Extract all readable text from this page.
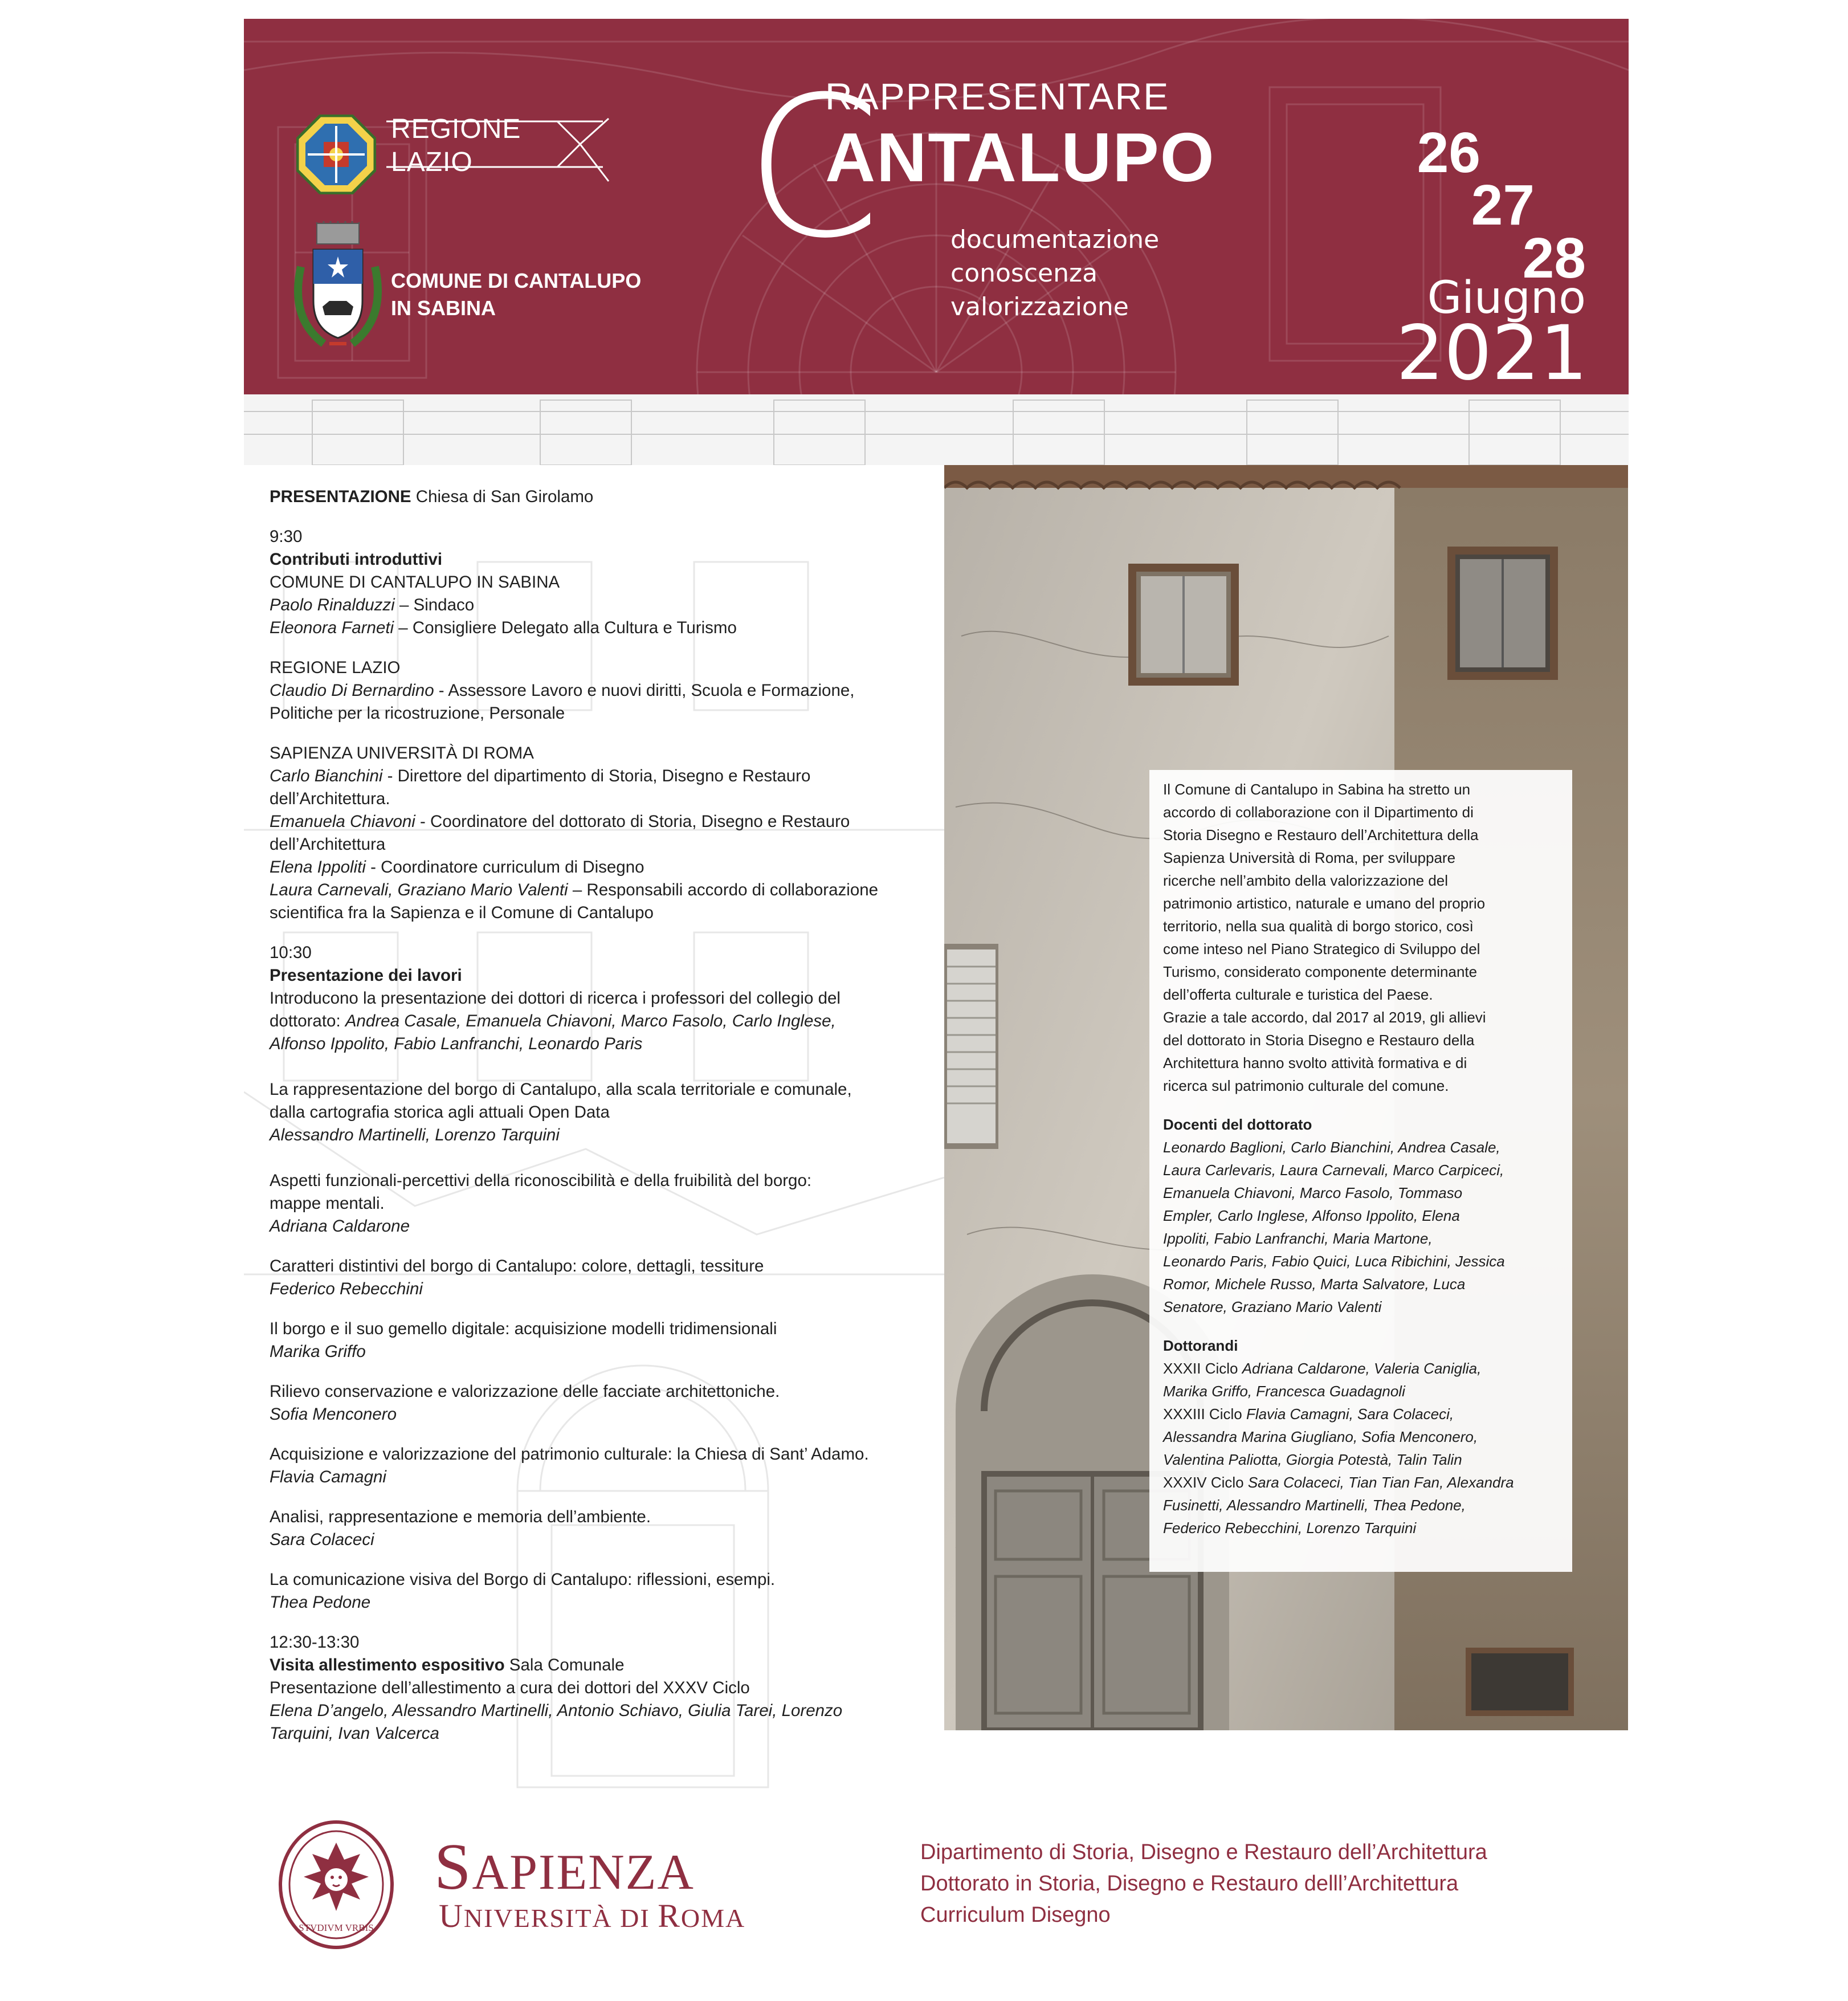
REGIONE
LAZIO
COMUNE DI CANTALUPO
IN SABINA
C
RAPPRESENTARE
ANTALUPO
documentazione
conoscenza
valorizzazione
26
27
28
Giugno
2021

PRESENTAZIONE Chiesa di San Girolamo

9:30
Contributi introduttivi
COMUNE DI CANTALUPO IN SABINA
Paolo Rinalduzzi – Sindaco
Eleonora Farneti – Consigliere Delegato alla Cultura e Turismo

REGIONE LAZIO
Claudio Di Bernardino - Assessore Lavoro e nuovi diritti, Scuola e Formazione,
Politiche per la ricostruzione, Personale

SAPIENZA UNIVERSITÀ DI ROMA
Carlo Bianchini - Direttore del dipartimento di Storia, Disegno e Restauro
dell’Architettura.
Emanuela Chiavoni - Coordinatore del dottorato di Storia, Disegno e Restauro
dell’Architettura
Elena Ippoliti - Coordinatore curriculum di Disegno
Laura Carnevali, Graziano Mario Valenti – Responsabili accordo di collaborazione
scientifica fra la Sapienza e il Comune di Cantalupo

10:30
Presentazione dei lavori
Introducono la presentazione dei dottori di ricerca i professori del collegio del
dottorato: Andrea Casale, Emanuela Chiavoni, Marco Fasolo, Carlo Inglese,
Alfonso Ippolito, Fabio Lanfranchi, Leonardo Paris

La rappresentazione del borgo di Cantalupo, alla scala territoriale e comunale,
dalla cartografia storica agli attuali Open Data
Alessandro Martinelli, Lorenzo Tarquini

Aspetti funzionali-percettivi della riconoscibilità e della fruibilità del borgo:
mappe mentali.
Adriana Caldarone

Caratteri distintivi del borgo di Cantalupo: colore, dettagli, tessiture
Federico Rebecchini

Il borgo e il suo gemello digitale: acquisizione modelli tridimensionali
Marika Griffo

Rilievo conservazione e valorizzazione delle facciate architettoniche.
Sofia Menconero

Acquisizione e valorizzazione del patrimonio culturale: la Chiesa di Sant’ Adamo.
Flavia Camagni

Analisi, rappresentazione e memoria dell’ambiente.
Sara Colaceci

La comunicazione visiva del Borgo di Cantalupo: riflessioni, esempi.
Thea Pedone

12:30-13:30
Visita allestimento espositivo Sala Comunale
Presentazione dell’allestimento a cura dei dottori del XXXV Ciclo
Elena D’angelo, Alessandro Martinelli, Antonio Schiavo, Giulia Tarei, Lorenzo
Tarquini, Ivan Valcerca

Il Comune di Cantalupo in Sabina ha stretto un
accordo di collaborazione con il Dipartimento di
Storia Disegno e Restauro dell’Architettura della
Sapienza Università di Roma, per sviluppare
ricerche nell’ambito della valorizzazione del
patrimonio artistico, naturale e umano del proprio
territorio, nella sua qualità di borgo storico, così
come inteso nel Piano Strategico di Sviluppo del
Turismo, considerato componente determinante
dell’offerta culturale e turistica del Paese.
Grazie a tale accordo, dal 2017 al 2019, gli allievi
del dottorato in Storia Disegno e Restauro della
Architettura hanno svolto attività formativa e di
ricerca sul patrimonio culturale del comune.

Docenti del dottorato
Leonardo Baglioni, Carlo Bianchini, Andrea Casale,
Laura Carlevaris, Laura Carnevali, Marco Carpiceci,
Emanuela Chiavoni, Marco Fasolo, Tommaso
Empler, Carlo Inglese, Alfonso Ippolito, Elena
Ippoliti, Fabio Lanfranchi, Maria Martone,
Leonardo Paris, Fabio Quici, Luca Ribichini, Jessica
Romor, Michele Russo, Marta Salvatore, Luca
Senatore, Graziano Mario Valenti

Dottorandi
XXXII Ciclo Adriana Caldarone, Valeria Caniglia,
Marika Griffo, Francesca Guadagnoli
XXXIII Ciclo Flavia Camagni, Sara Colaceci,
Alessandra Marina Giugliano, Sofia Menconero,
Valentina Paliotta, Giorgia Potestà, Talin Talin
XXXIV Ciclo Sara Colaceci, Tian Tian Fan, Alexandra
Fusinetti, Alessandro Martinelli, Thea Pedone,
Federico Rebecchini, Lorenzo Tarquini

STVDIVM VRBIS
SAPIENZA
UNIVERSITÀ DI ROMA
Dipartimento di Storia, Disegno e Restauro dell’Architettura
Dottorato in Storia, Disegno e Restauro delll’Architettura
Curriculum Disegno
